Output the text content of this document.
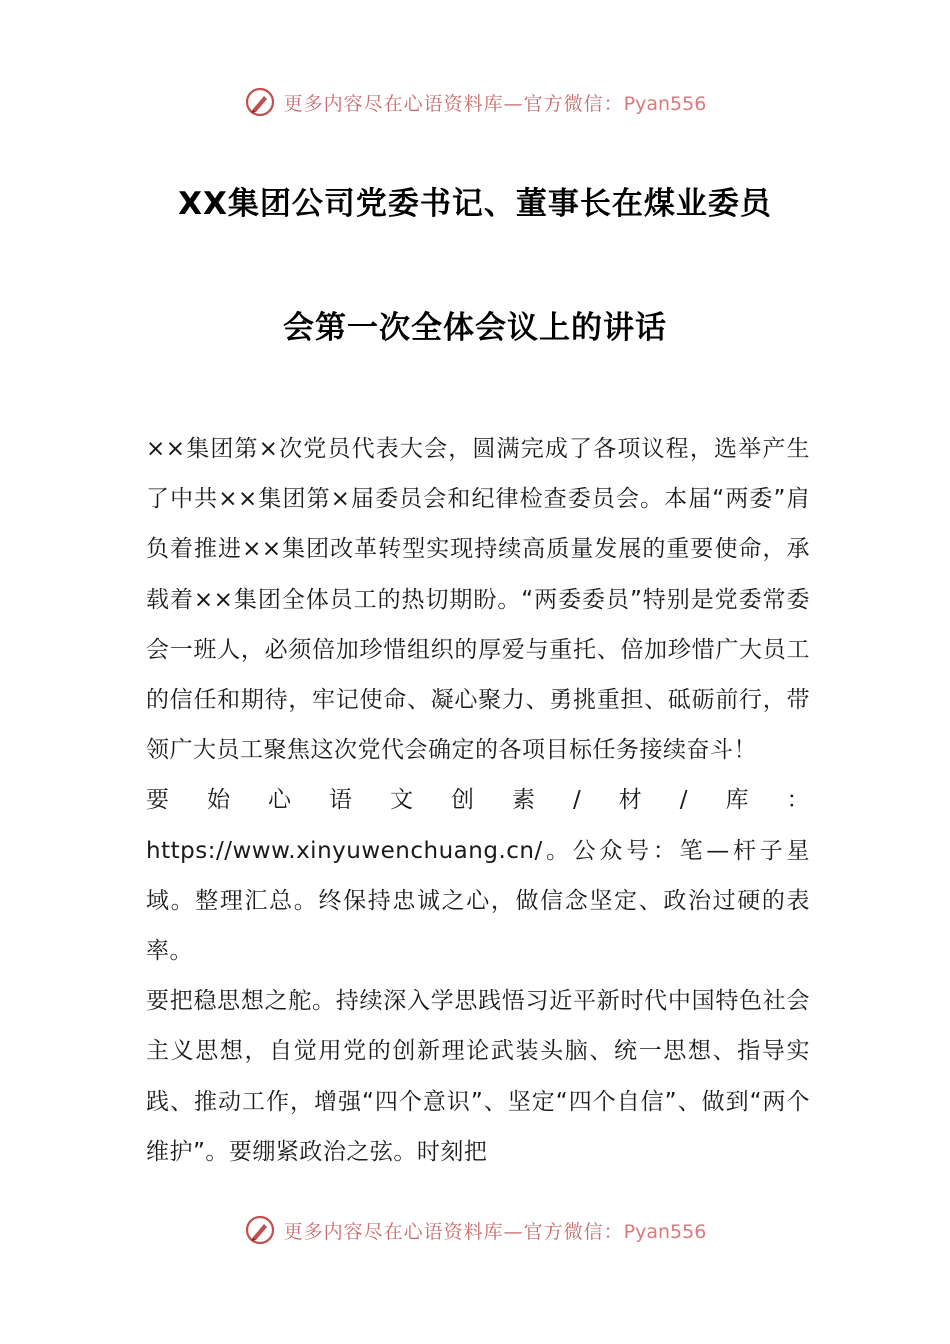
更多内容尽在心语资料库—官方微信：Pyan556
XX集团公司党委书记、董事长在煤业委员
会第一次全体会议上的讲话

××集团第×次党员代表大会，圆满完成了各项议程，选举产生了中共××集团第×届委员会和纪律检查委员会。本届“两委”肩负着推进××集团改革转型实现持续高质量发展的重要使命，承载着××集团全体员工的热切期盼。“两委委员”特别是党委常委会一班人，必须倍加珍惜组织的厚爱与重托、倍加珍惜广大员工的信任和期待，牢记使命、凝心聚力、勇挑重担、砥砺前行，带领广大员工聚焦这次党代会确定的各项目标任务接续奋斗！

要始心语文创素/材/库：https://www.xinyuwenchuang.cn/。公众号：笔—杆子星域。整理汇总。终保持忠诚之心，做信念坚定、政治过硬的表率。

要把稳思想之舵。持续深入学思践悟习近平新时代中国特色社会主义思想，自觉用党的创新理论武装头脑、统一思想、指导实践、推动工作，增强“四个意识”、坚定“四个自信”、做到“两个维护”。要绷紧政治之弦。时刻把

更多内容尽在心语资料库—官方微信：Pyan556
